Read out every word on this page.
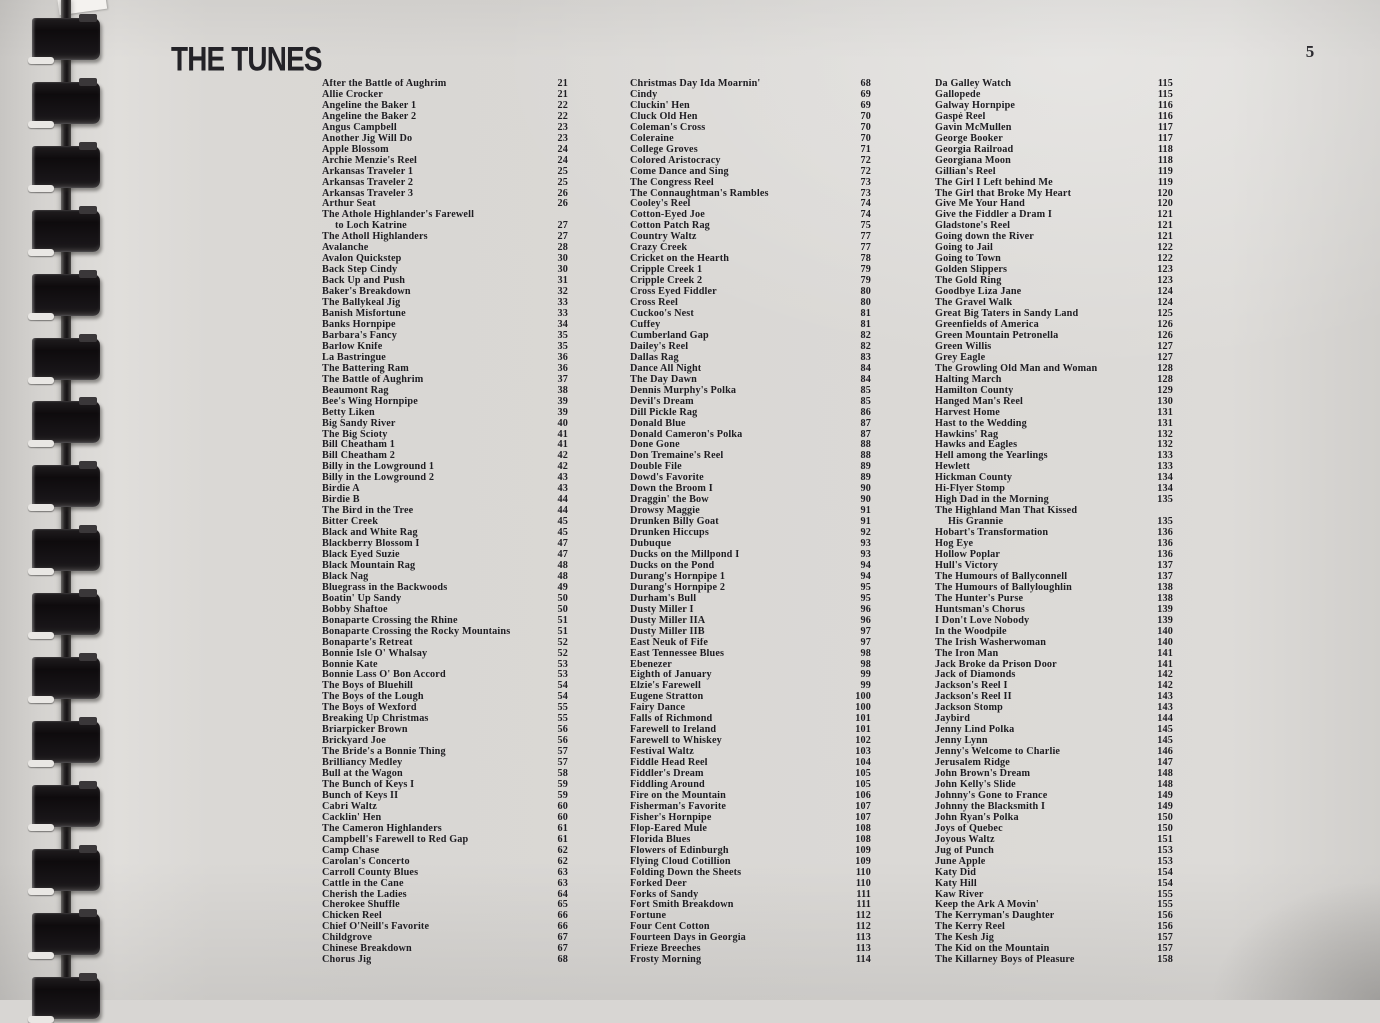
THE TUNES	5
After the Battle of Aughrim	21
Allie Crocker	21
Angeline the Baker 1	22
Angeline the Baker 2	22
Angus Campbell	23
Another Jig Will Do	23
Apple Blossom	24
Archie Menzie's Reel	24
Arkansas Traveler 1	25
Arkansas Traveler 2	25
Arkansas Traveler 3	26
Arthur Seat	26
The Athole Highlander's Farewell
to Loch Katrine	27
The Atholl Highlanders	27
Avalanche	28
Avalon Quickstep	30
Back Step Cindy	30
Back Up and Push	31
Baker's Breakdown	32
The Ballykeal Jig	33
Banish Misfortune	33
Banks Hornpipe	34
Barbara's Fancy	35
Barlow Knife	35
La Bastringue	36
The Battering Ram	36
The Battle of Aughrim	37
Beaumont Rag	38
Bee's Wing Hornpipe	39
Betty Liken	39
Big Sandy River	40
The Big Scioty	41
Bill Cheatham 1	41
Bill Cheatham 2	42
Billy in the Lowground 1	42
Billy in the Lowground 2	43
Birdie A	43
Birdie B	44
The Bird in the Tree	44
Bitter Creek	45
Black and White Rag	45
Blackberry Blossom I	47
Black Eyed Suzie	47
Black Mountain Rag	48
Black Nag	48
Bluegrass in the Backwoods	49
Boatin' Up Sandy	50
Bobby Shaftoe	50
Bonaparte Crossing the Rhine	51
Bonaparte Crossing the Rocky Mountains	51
Bonaparte's Retreat	52
Bonnie Isle O' Whalsay	52
Bonnie Kate	53
Bonnie Lass O' Bon Accord	53
The Boys of Bluehill	54
The Boys of the Lough	54
The Boys of Wexford	55
Breaking Up Christmas	55
Briarpicker Brown	56
Brickyard Joe	56
The Bride's a Bonnie Thing	57
Brilliancy Medley	57
Bull at the Wagon	58
The Bunch of Keys I	59
Bunch of Keys II	59
Cabri Waltz	60
Cacklin' Hen	60
The Cameron Highlanders	61
Campbell's Farewell to Red Gap	61
Camp Chase	62
Carolan's Concerto	62
Carroll County Blues	63
Cattle in the Cane	63
Cherish the Ladies	64
Cherokee Shuffle	65
Chicken Reel	66
Chief O'Neill's Favorite	66
Childgrove	67
Chinese Breakdown	67
Chorus Jig	68
Christmas Day Ida Moarnin'	68
Cindy	69
Cluckin' Hen	69
Cluck Old Hen	70
Coleman's Cross	70
Coleraine	70
College Groves	71
Colored Aristocracy	72
Come Dance and Sing	72
The Congress Reel	73
The Connaughtman's Rambles	73
Cooley's Reel	74
Cotton-Eyed Joe	74
Cotton Patch Rag	75
Country Waltz	77
Crazy Creek	77
Cricket on the Hearth	78
Cripple Creek 1	79
Cripple Creek 2	79
Cross Eyed Fiddler	80
Cross Reel	80
Cuckoo's Nest	81
Cuffey	81
Cumberland Gap	82
Dailey's Reel	82
Dallas Rag	83
Dance All Night	84
The Day Dawn	84
Dennis Murphy's Polka	85
Devil's Dream	85
Dill Pickle Rag	86
Donald Blue	87
Donald Cameron's Polka	87
Done Gone	88
Don Tremaine's Reel	88
Double File	89
Dowd's Favorite	89
Down the Broom I	90
Draggin' the Bow	90
Drowsy Maggie	91
Drunken Billy Goat	91
Drunken Hiccups	92
Dubuque	93
Ducks on the Millpond I	93
Ducks on the Pond	94
Durang's Hornpipe 1	94
Durang's Hornpipe 2	95
Durham's Bull	95
Dusty Miller I	96
Dusty Miller IIA	96
Dusty Miller IIB	97
East Neuk of Fife	97
East Tennessee Blues	98
Ebenezer	98
Eighth of January	99
Elzie's Farewell	99
Eugene Stratton	100
Fairy Dance	100
Falls of Richmond	101
Farewell to Ireland	101
Farewell to Whiskey	102
Festival Waltz	103
Fiddle Head Reel	104
Fiddler's Dream	105
Fiddling Around	105
Fire on the Mountain	106
Fisherman's Favorite	107
Fisher's Hornpipe	107
Flop-Eared Mule	108
Florida Blues	108
Flowers of Edinburgh	109
Flying Cloud Cotillion	109
Folding Down the Sheets	110
Forked Deer	110
Forks of Sandy	111
Fort Smith Breakdown	111
Fortune	112
Four Cent Cotton	112
Fourteen Days in Georgia	113
Frieze Breeches	113
Frosty Morning	114
Da Galley Watch	115
Gallopede	115
Galway Hornpipe	116
Gaspé Reel	116
Gavin McMullen	117
George Booker	117
Georgia Railroad	118
Georgiana Moon	118
Gillian's Reel	119
The Girl I Left behind Me	119
The Girl that Broke My Heart	120
Give Me Your Hand	120
Give the Fiddler a Dram I	121
Gladstone's Reel	121
Going down the River	121
Going to Jail	122
Going to Town	122
Golden Slippers	123
The Gold Ring	123
Goodbye Liza Jane	124
The Gravel Walk	124
Great Big Taters in Sandy Land	125
Greenfields of America	126
Green Mountain Petronella	126
Green Willis	127
Grey Eagle	127
The Growling Old Man and Woman	128
Halting March	128
Hamilton County	129
Hanged Man's Reel	130
Harvest Home	131
Hast to the Wedding	131
Hawkins' Rag	132
Hawks and Eagles	132
Hell among the Yearlings	133
Hewlett	133
Hickman County	134
Hi-Flyer Stomp	134
High Dad in the Morning	135
The Highland Man That Kissed
His Grannie	135
Hobart's Transformation	136
Hog Eye	136
Hollow Poplar	136
Hull's Victory	137
The Humours of Ballyconnell	137
The Humours of Ballyloughlin	138
The Hunter's Purse	138
Huntsman's Chorus	139
I Don't Love Nobody	139
In the Woodpile	140
The Irish Washerwoman	140
The Iron Man	141
Jack Broke da Prison Door	141
Jack of Diamonds	142
Jackson's Reel I	142
Jackson's Reel II	143
Jackson Stomp	143
Jaybird	144
Jenny Lind Polka	145
Jenny Lynn	145
Jenny's Welcome to Charlie	146
Jerusalem Ridge	147
John Brown's Dream	148
John Kelly's Slide	148
Johnny's Gone to France	149
Johnny the Blacksmith I	149
John Ryan's Polka	150
Joys of Quebec	150
Joyous Waltz	151
Jug of Punch	153
June Apple	153
Katy Did	154
Katy Hill	154
Kaw River	155
Keep the Ark A Movin'	155
The Kerryman's Daughter	156
The Kerry Reel	156
The Kesh Jig	157
The Kid on the Mountain	157
The Killarney Boys of Pleasure	158
